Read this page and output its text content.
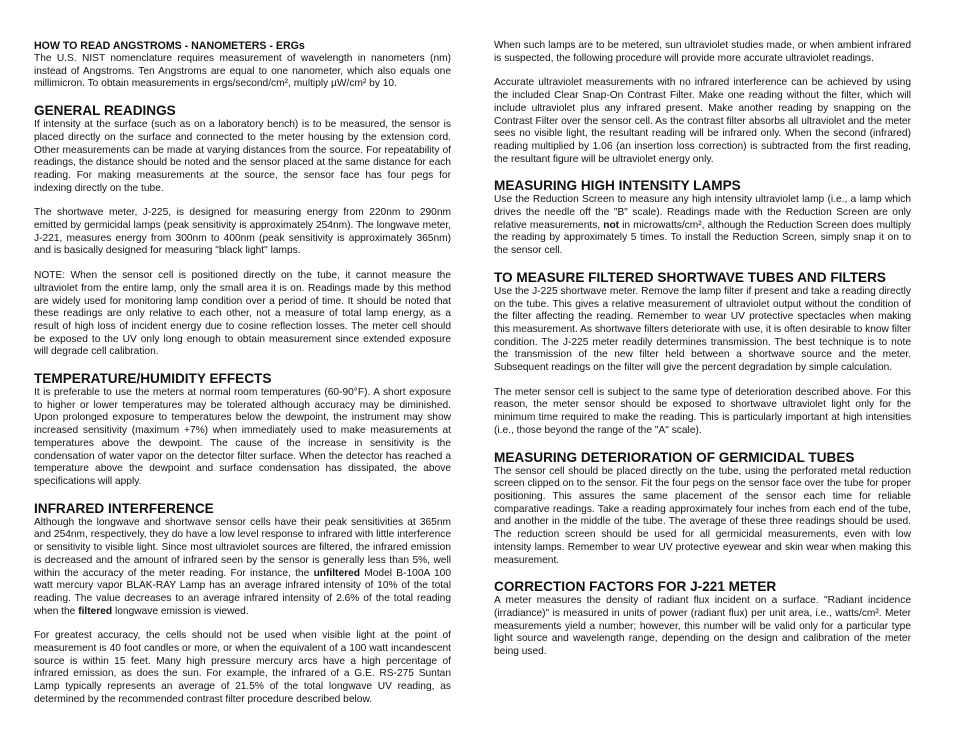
HOW TO READ ANGSTROMS - NANOMETERS - ERGs

The U.S. NIST nomenclature requires measurement of wavelength in nanometers (nm) instead of Angstroms. Ten Angstroms are equal to one nanometer, which also equals one millimicron. To obtain measurements in ergs/second/cm², multiply µW/cm² by 10.

GENERAL READINGS

If intensity at the surface (such as on a laboratory bench) is to be measured, the sensor is placed directly on the surface and connected to the meter housing by the extension cord. Other measurements can be made at varying distances from the source. For repeatability of readings, the distance should be noted and the sensor placed at the same distance for each reading. For making measurements at the source, the sensor face has four pegs for indexing directly on the tube.

The shortwave meter, J-225, is designed for measuring energy from 220nm to 290nm emitted by germicidal lamps (peak sensitivity is approximately 254nm). The longwave meter, J-221, measures energy from 300nm to 400nm (peak sensitivity is approximately 365nm) and is basically designed for measuring "black light" lamps.

NOTE: When the sensor cell is positioned directly on the tube, it cannot measure the ultraviolet from the entire lamp, only the small area it is on. Readings made by this method are widely used for monitoring lamp condition over a period of time. It should be noted that these readings are only relative to each other, not a measure of total lamp energy, as a result of high loss of incident energy due to cosine reflection losses. The meter cell should be exposed to the UV only long enough to obtain measurement since extended exposure will degrade cell calibration.

TEMPERATURE/HUMIDITY EFFECTS

It is preferable to use the meters at normal room temperatures (60-90°F). A short exposure to higher or lower temperatures may be tolerated although accuracy may be diminished. Upon prolonged exposure to temperatures below the dewpoint, the instrument may show increased sensitivity (maximum +7%) when immediately used to make measurements at temperatures above the dewpoint. The cause of the increase in sensitivity is the condensation of water vapor on the detector filter surface. When the detector has reached a temperature above the dewpoint and surface condensation has dissipated, the above specifications will apply.

INFRARED INTERFERENCE

Although the longwave and shortwave sensor cells have their peak sensitivities at 365nm and 254nm, respectively, they do have a low level response to infrared with little interference or sensitivity to visible light. Since most ultraviolet sources are filtered, the infrared emission is decreased and the amount of infrared seen by the sensor is generally less than 5%, well within the accuracy of the meter reading. For instance, the unfiltered Model B-100A 100 watt mercury vapor BLAK-RAY Lamp has an average infrared intensity of 10% of the total reading. The value decreases to an average infrared intensity of 2.6% of the total reading when the filtered longwave emission is viewed.

For greatest accuracy, the cells should not be used when visible light at the point of measurement is 40 foot candles or more, or when the equivalent of a 100 watt incandescent source is within 15 feet. Many high pressure mercury arcs have a high percentage of infrared emission, as does the sun. For example, the infrared of a G.E. RS-275 Suntan Lamp typically represents an average of 21.5% of the total longwave UV reading, as determined by the recommended contrast filter procedure described below.

When such lamps are to be metered, sun ultraviolet studies made, or when ambient infrared is suspected, the following procedure will provide more accurate ultraviolet readings.

Accurate ultraviolet measurements with no infrared interference can be achieved by using the included Clear Snap-On Contrast Filter. Make one reading without the filter, which will include ultraviolet plus any infrared present. Make another reading by snapping on the Contrast Filter over the sensor cell. As the contrast filter absorbs all ultraviolet and the meter sees no visible light, the resultant reading will be infrared only. When the second (infrared) reading multiplied by 1.06 (an insertion loss correction) is subtracted from the first reading, the resultant figure will be ultraviolet energy only.

MEASURING HIGH INTENSITY LAMPS

Use the Reduction Screen to measure any high intensity ultraviolet lamp (i.e., a lamp which drives the needle off the "B" scale). Readings made with the Reduction Screen are only relative measurements, not in microwatts/cm², although the Reduction Screen does multiply the reading by approximately 5 times. To install the Reduction Screen, simply snap it on to the sensor cell.

TO MEASURE FILTERED SHORTWAVE TUBES AND FILTERS

Use the J-225 shortwave meter. Remove the lamp filter if present and take a reading directly on the tube. This gives a relative measurement of ultraviolet output without the condition of the filter affecting the reading. Remember to wear UV protective spectacles when making this measurement. As shortwave filters deteriorate with use, it is often desirable to know filter condition. The J-225 meter readily determines transmission. The best technique is to note the transmission of the new filter held between a shortwave source and the meter. Subsequent readings on the filter will give the percent degradation by simple calculation.

The meter sensor cell is subject to the same type of deterioration described above. For this reason, the meter sensor should be exposed to shortwave ultraviolet light only for the minimum time required to make the reading. This is particularly important at high intensities (i.e., those beyond the range of the "A" scale).

MEASURING DETERIORATION OF GERMICIDAL TUBES

The sensor cell should be placed directly on the tube, using the perforated metal reduction screen clipped on to the sensor. Fit the four pegs on the sensor face over the tube for proper positioning. This assures the same placement of the sensor each time for reliable comparative readings. Take a reading approximately four inches from each end of the tube, and another in the middle of the tube. The average of these three readings should be used. The reduction screen should be used for all germicidal measurements, even with low intensity lamps. Remember to wear UV protective eyewear and skin wear when making this measurement.

CORRECTION FACTORS FOR J-221 METER

A meter measures the density of radiant flux incident on a surface. "Radiant incidence (irradiance)" is measured in units of power (radiant flux) per unit area, i.e., watts/cm². Meter measurements yield a number; however, this number will be valid only for a particular type light source and wavelength range, depending on the design and calibration of the meter being used.
